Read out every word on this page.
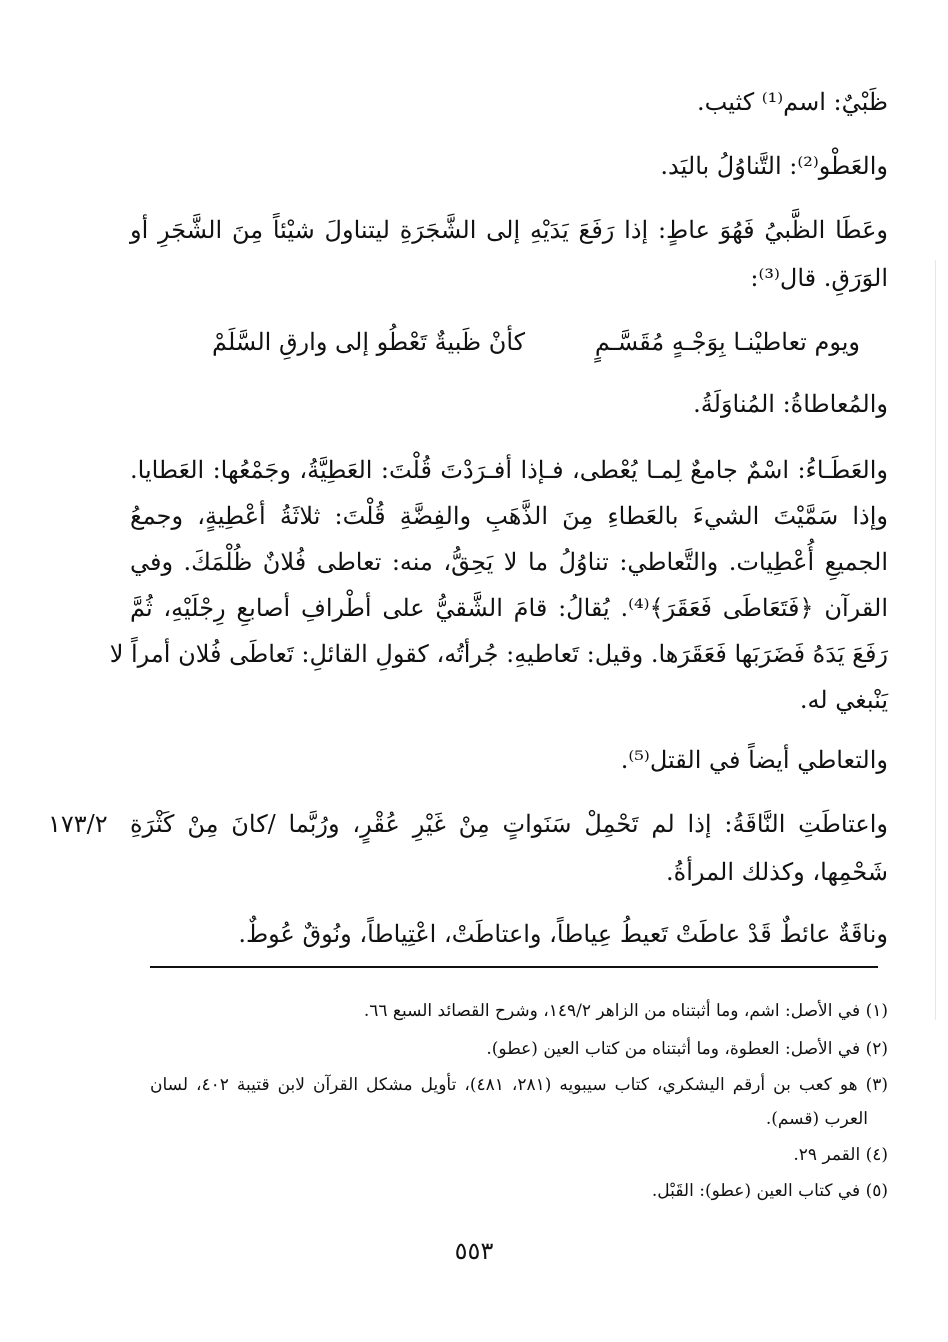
ظَبْيٌ: اسم⁽¹⁾ كثيب.
والعَطْو⁽²⁾: التَّناوُلُ باليَد.
وعَطَا الظَّبيُ فَهُوَ عاطٍ: إذا رَفَعَ يَدَيْهِ إلى الشَّجَرَةِ ليتناولَ شيْئاً مِنَ الشَّجَرِ أو
الوَرَقِ. قال⁽³⁾:
ويوم تعاطيْنـا بِوَجْـهٍ مُقَسَّـمٍ
كأنْ ظَبيةٌ تَعْطُو إلى وارقِ السَّلَمْ
والمُعاطاةُ: المُناوَلَةُ.
والعَطَـاءُ: اسْمٌ جامعٌ لِمـا يُعْطى، فـإذا أفـرَدْتَ قُلْتَ: العَطِيَّةُ، وجَمْعُها: العَطايا.
وإذا سَمَّيْتَ الشيءَ بالعَطاءِ مِنَ الذَّهَبِ والفِضَّةِ قُلْتَ: ثلاثَةُ أعْطِيةٍ، وجمعُ
الجميعِ أُعْطِيات. والتَّعاطي: تناوُلُ ما لا يَحِقُّ، منه: تعاطى فُلانٌ ظُلْمَكَ. وفي
القرآن ﴿فَتَعَاطَى فَعَقَرَ﴾⁽⁴⁾. يُقالُ: قامَ الشَّقيُّ على أطْرافِ أصابعِ رِجْلَيْهِ، ثُمَّ
رَفَعَ يَدَهُ فَضَرَبَها فَعَقَرَها. وقيل: تَعاطيهِ: جُرأتُه، كقولِ القائلِ: تَعاطَى فُلان أمراً لا
يَنْبغي له.
والتعاطي أيضاً في القتل⁽⁵⁾.
واعتاطَتِ النَّاقَةُ: إذا لم تَحْمِلْ سَنَواتٍ مِنْ غَيْرِ عُقْرٍ، ورُبَّما /كانَ مِنْ كَثْرَةِ
١٧٣/٢
شَحْمِها، وكذلك المرأةُ.
وناقَةٌ عائطٌ قَدْ عاطَتْ تَعيطُ عِياطاً، واعتاطَتْ، اعْتِياطاً، ونُوقٌ عُوطٌ.
(١) في الأصل: اشم، وما أثبتناه من الزاهر ١٤٩/٢، وشرح القصائد السبع ٦٦.
(٢) في الأصل: العطوة، وما أثبتناه من كتاب العين (عطو).
(٣) هو كعب بن أرقم اليشكري، كتاب سيبويه (٢٨١، ٤٨١)، تأويل مشكل القرآن لابن قتيبة ٤٠٢، لسان
العرب (قسم).
(٤) القمر ٢٩.
(٥) في كتاب العين (عطو): القَبْل.
٥٥٣
